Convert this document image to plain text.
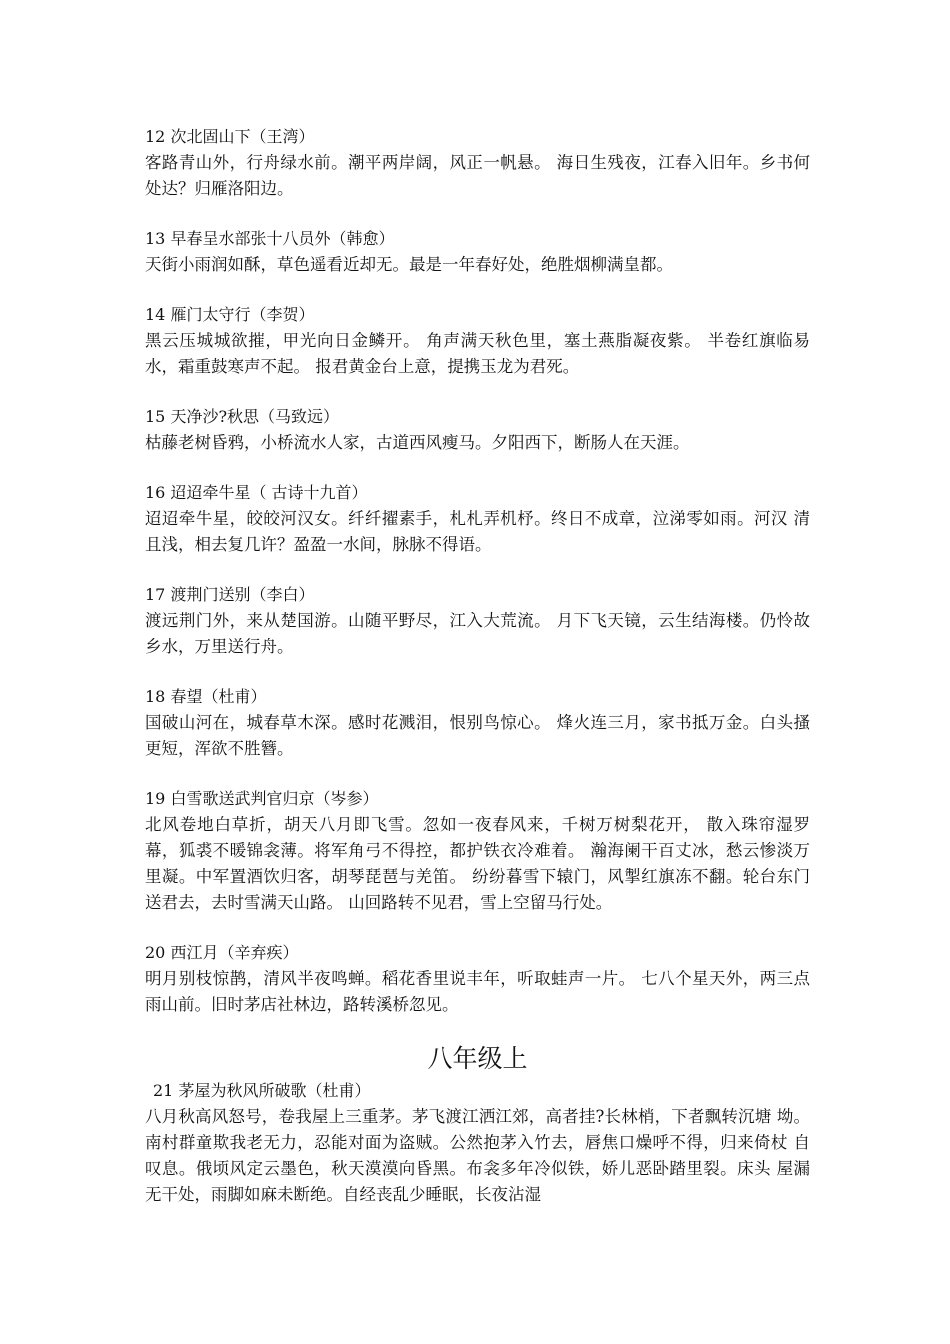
12 次北固山下（王湾）

客路青山外，行舟绿水前。潮平两岸阔，风正一帆悬。 海日生残夜，江春入旧年。乡书何处达？归雁洛阳边。

13 早春呈水部张十八员外（韩愈）

天街小雨润如酥，草色遥看近却无。最是一年春好处，绝胜烟柳满皇都。

14 雁门太守行（李贺）

黑云压城城欲摧，甲光向日金鳞开。 角声满天秋色里，塞土燕脂凝夜紫。 半卷红旗临易水，霜重鼓寒声不起。 报君黄金台上意，提携玉龙为君死。

15 天净沙?秋思（马致远）

枯藤老树昏鸦，小桥流水人家，古道西风瘦马。夕阳西下，断肠人在天涯。

16 迢迢牵牛星（ 古诗十九首）

迢迢牵牛星，皎皎河汉女。纤纤擢素手，札札弄机杼。终日不成章，泣涕零如雨。河汉 清且浅，相去复几许？盈盈一水间，脉脉不得语。

17 渡荆门送别（李白）

渡远荆门外，来从楚国游。山随平野尽，江入大荒流。 月下飞天镜，云生结海楼。仍怜故乡水，万里送行舟。

18 春望（杜甫）

国破山河在，城春草木深。感时花溅泪，恨别鸟惊心。 烽火连三月，家书抵万金。白头搔更短，浑欲不胜簪。

19 白雪歌送武判官归京（岑参）

北风卷地白草折，胡天八月即飞雪。忽如一夜春风来，千树万树梨花开， 散入珠帘湿罗幕，狐裘不暖锦衾薄。将军角弓不得控，都护铁衣冷难着。 瀚海阑干百丈冰，愁云惨淡万里凝。中军置酒饮归客，胡琴琵琶与羌笛。 纷纷暮雪下辕门，风掣红旗冻不翻。轮台东门送君去，去时雪满天山路。 山回路转不见君，雪上空留马行处。

20 西江月（辛弃疾）

明月别枝惊鹊，清风半夜鸣蝉。稻花香里说丰年，听取蛙声一片。 七八个星天外，两三点雨山前。旧时茅店社林边，路转溪桥忽见。

八年级上

21 茅屋为秋风所破歌（杜甫）

八月秋高风怒号，卷我屋上三重茅。茅飞渡江洒江郊，高者挂?长林梢，下者飘转沉塘 坳。 南村群童欺我老无力，忍能对面为盗贼。公然抱茅入竹去，唇焦口燥呼不得，归来倚杖 自叹息。俄顷风定云墨色，秋天漠漠向昏黑。布衾多年冷似铁，娇儿恶卧踏里裂。床头 屋漏无干处，雨脚如麻未断绝。自经丧乱少睡眠，长夜沾湿
